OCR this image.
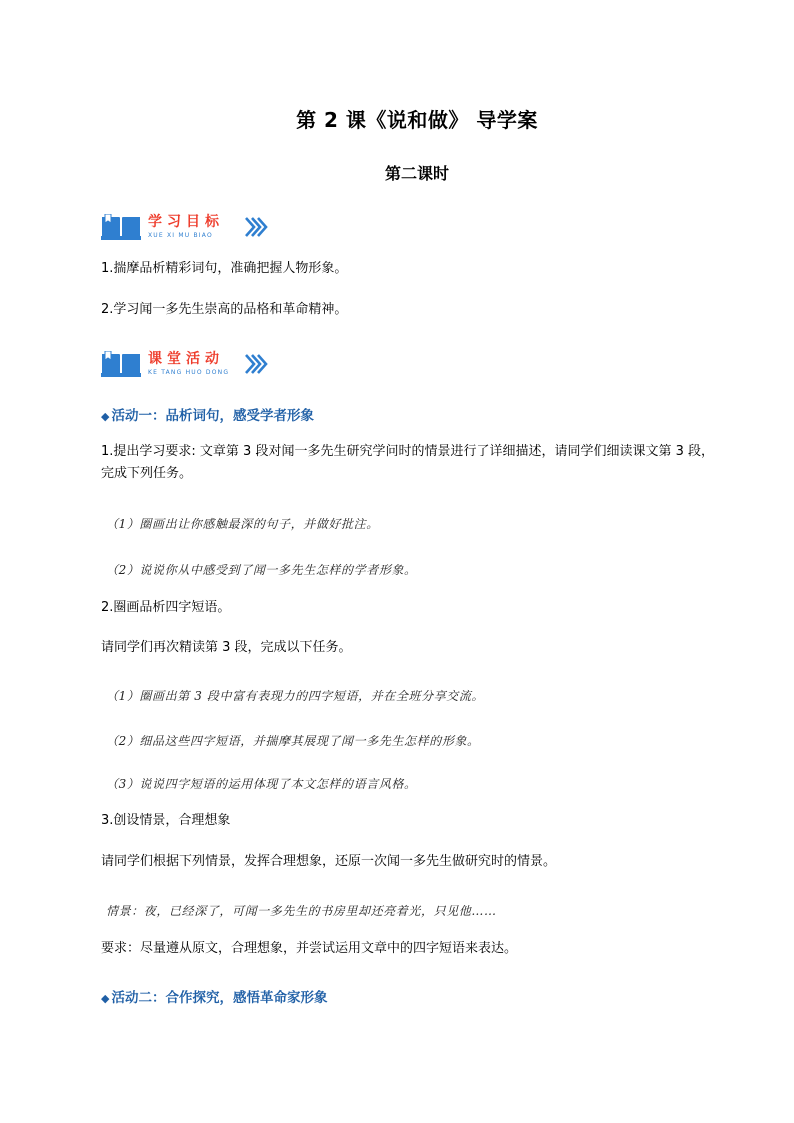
第 2 课《说和做》 导学案
第二课时
学习目标
XUE XI MU BIAO
1.揣摩品析精彩词句，准确把握人物形象。
2.学习闻一多先生崇高的品格和革命精神。
课堂活动
KE TANG HUO DONG
◆ 活动一：品析词句，感受学者形象
1.提出学习要求: 文章第 3 段对闻一多先生研究学问时的情景进行了详细描述，请同学们细读课文第 3 段，完成下列任务。
（1）圈画出让你感触最深的句子，并做好批注。
（2）说说你从中感受到了闻一多先生怎样的学者形象。
2.圈画品析四字短语。
请同学们再次精读第 3 段，完成以下任务。
（1）圈画出第 3 段中富有表现力的四字短语，并在全班分享交流。
（2）细品这些四字短语，并揣摩其展现了闻一多先生怎样的形象。
（3）说说四字短语的运用体现了本文怎样的语言风格。
3.创设情景，合理想象
请同学们根据下列情景，发挥合理想象，还原一次闻一多先生做研究时的情景。
情景：夜，已经深了，可闻一多先生的书房里却还亮着光，只见他……
要求：尽量遵从原文，合理想象，并尝试运用文章中的四字短语来表达。
◆ 活动二：合作探究，感悟革命家形象
